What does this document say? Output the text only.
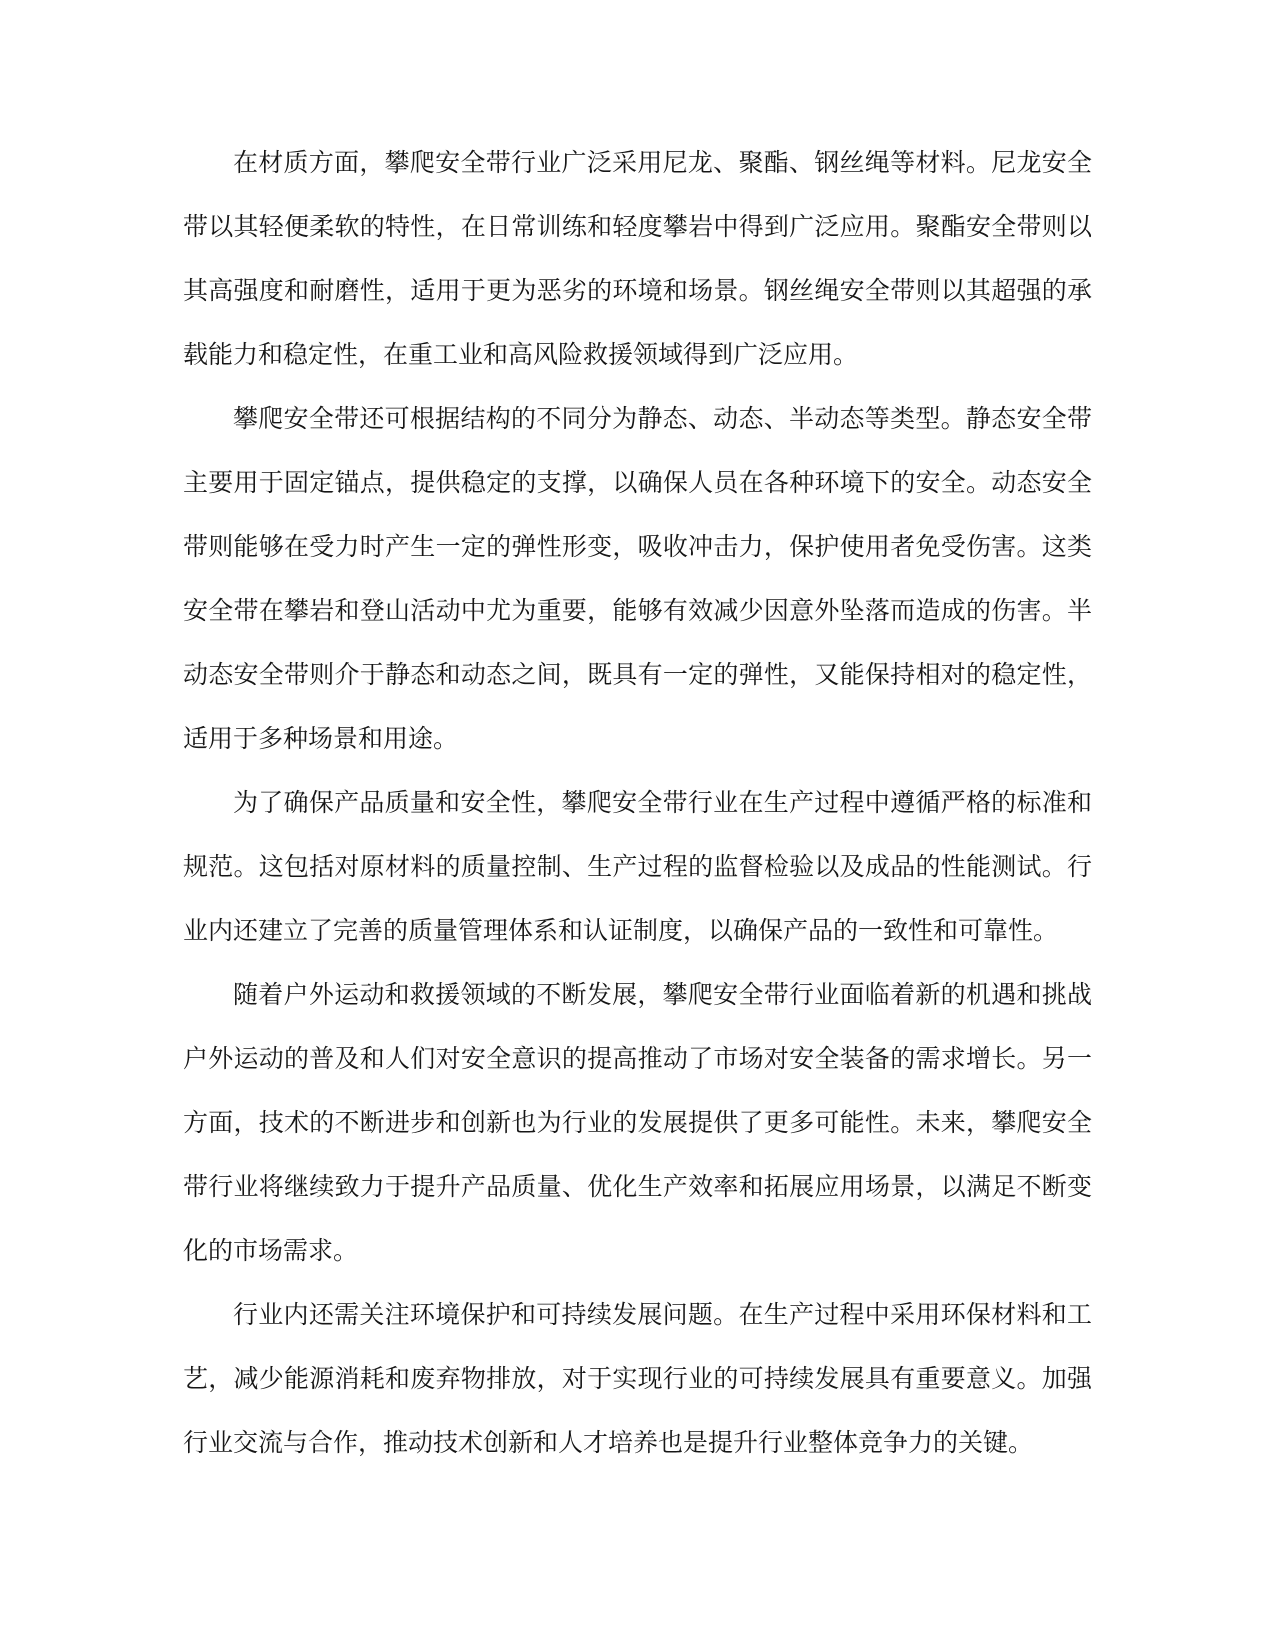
在材质方面，攀爬安全带行业广泛采用尼龙、聚酯、钢丝绳等材料。尼龙安全带以其轻便柔软的特性，在日常训练和轻度攀岩中得到广泛应用。聚酯安全带则以其高强度和耐磨性，适用于更为恶劣的环境和场景。钢丝绳安全带则以其超强的承载能力和稳定性，在重工业和高风险救援领域得到广泛应用。

攀爬安全带还可根据结构的不同分为静态、动态、半动态等类型。静态安全带主要用于固定锚点，提供稳定的支撑，以确保人员在各种环境下的安全。动态安全带则能够在受力时产生一定的弹性形变，吸收冲击力，保护使用者免受伤害。这类安全带在攀岩和登山活动中尤为重要，能够有效减少因意外坠落而造成的伤害。半动态安全带则介于静态和动态之间，既具有一定的弹性，又能保持相对的稳定性，适用于多种场景和用途。

为了确保产品质量和安全性，攀爬安全带行业在生产过程中遵循严格的标准和规范。这包括对原材料的质量控制、生产过程的监督检验以及成品的性能测试。行业内还建立了完善的质量管理体系和认证制度，以确保产品的一致性和可靠性。

随着户外运动和救援领域的不断发展，攀爬安全带行业面临着新的机遇和挑战户外运动的普及和人们对安全意识的提高推动了市场对安全装备的需求增长。另一方面，技术的不断进步和创新也为行业的发展提供了更多可能性。未来，攀爬安全带行业将继续致力于提升产品质量、优化生产效率和拓展应用场景，以满足不断变化的市场需求。

行业内还需关注环境保护和可持续发展问题。在生产过程中采用环保材料和工艺，减少能源消耗和废弃物排放，对于实现行业的可持续发展具有重要意义。加强行业交流与合作，推动技术创新和人才培养也是提升行业整体竞争力的关键。
